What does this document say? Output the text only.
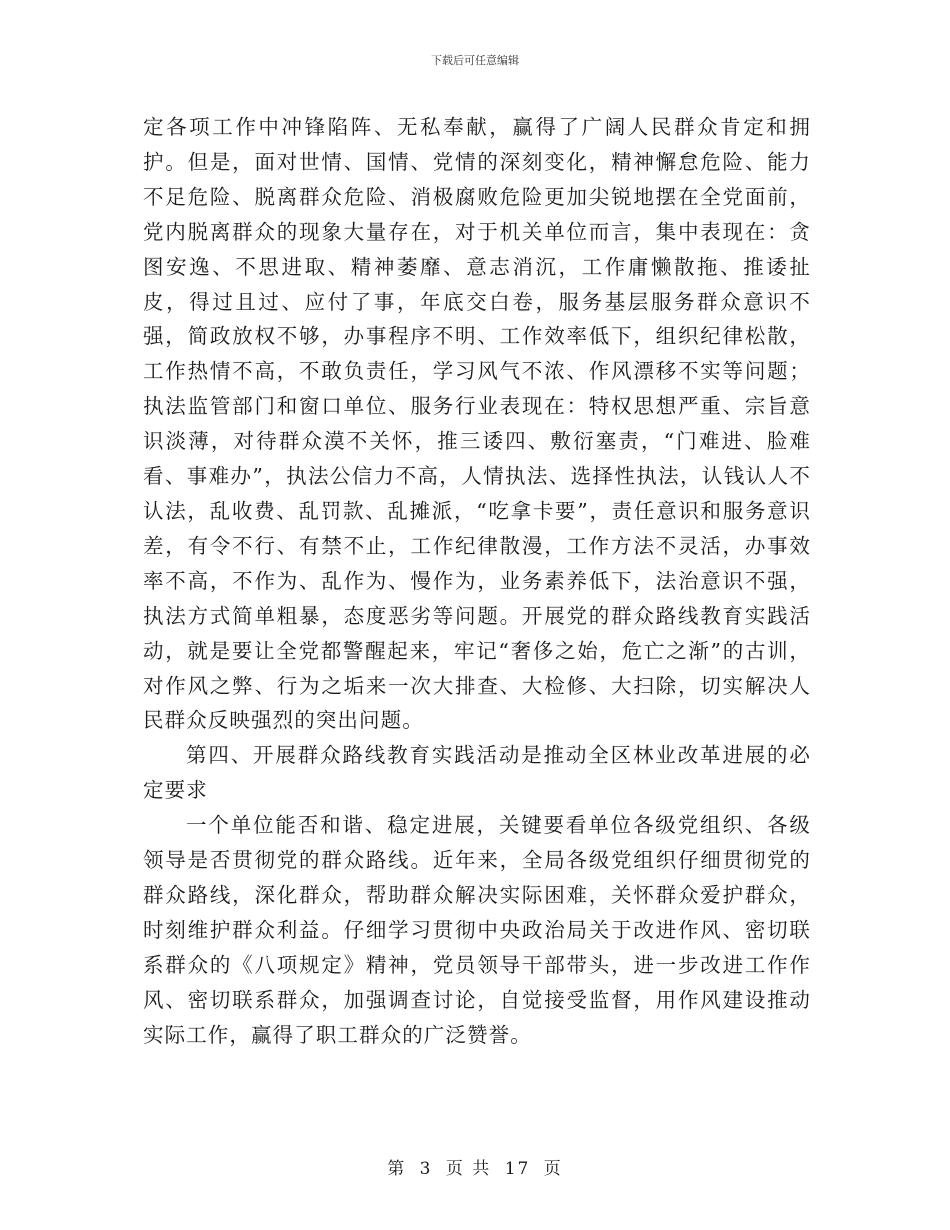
下载后可任意编辑

定各项工作中冲锋陷阵、无私奉献，赢得了广阔人民群众肯定和拥护。但是，面对世情、国情、党情的深刻变化，精神懈怠危险、能力不足危险、脱离群众危险、消极腐败危险更加尖锐地摆在全党面前，党内脱离群众的现象大量存在，对于机关单位而言，集中表现在：贪图安逸、不思进取、精神萎靡、意志消沉，工作庸懒散拖、推诿扯皮，得过且过、应付了事，年底交白卷，服务基层服务群众意识不强，简政放权不够，办事程序不明、工作效率低下，组织纪律松散，工作热情不高，不敢负责任，学习风气不浓、作风漂移不实等问题；执法监管部门和窗口单位、服务行业表现在：特权思想严重、宗旨意识淡薄，对待群众漠不关怀，推三诿四、敷衍塞责，“门难进、脸难看、事难办”，执法公信力不高，人情执法、选择性执法，认钱认人不认法，乱收费、乱罚款、乱摊派，“吃拿卡要”，责任意识和服务意识差，有令不行、有禁不止，工作纪律散漫，工作方法不灵活，办事效率不高，不作为、乱作为、慢作为，业务素养低下，法治意识不强，执法方式简单粗暴，态度恶劣等问题。开展党的群众路线教育实践活动，就是要让全党都警醒起来，牢记“奢侈之始，危亡之渐”的古训，对作风之弊、行为之垢来一次大排查、大检修、大扫除，切实解决人民群众反映强烈的突出问题。

第四、开展群众路线教育实践活动是推动全区林业改革进展的必定要求

一个单位能否和谐、稳定进展，关键要看单位各级党组织、各级领导是否贯彻党的群众路线。近年来，全局各级党组织仔细贯彻党的群众路线，深化群众，帮助群众解决实际困难，关怀群众爱护群众，时刻维护群众利益。仔细学习贯彻中央政治局关于改进作风、密切联系群众的《八项规定》精神，党员领导干部带头，进一步改进工作作风、密切联系群众，加强调查讨论，自觉接受监督，用作风建设推动实际工作，赢得了职工群众的广泛赞誉。

第 3 页 共 17 页
